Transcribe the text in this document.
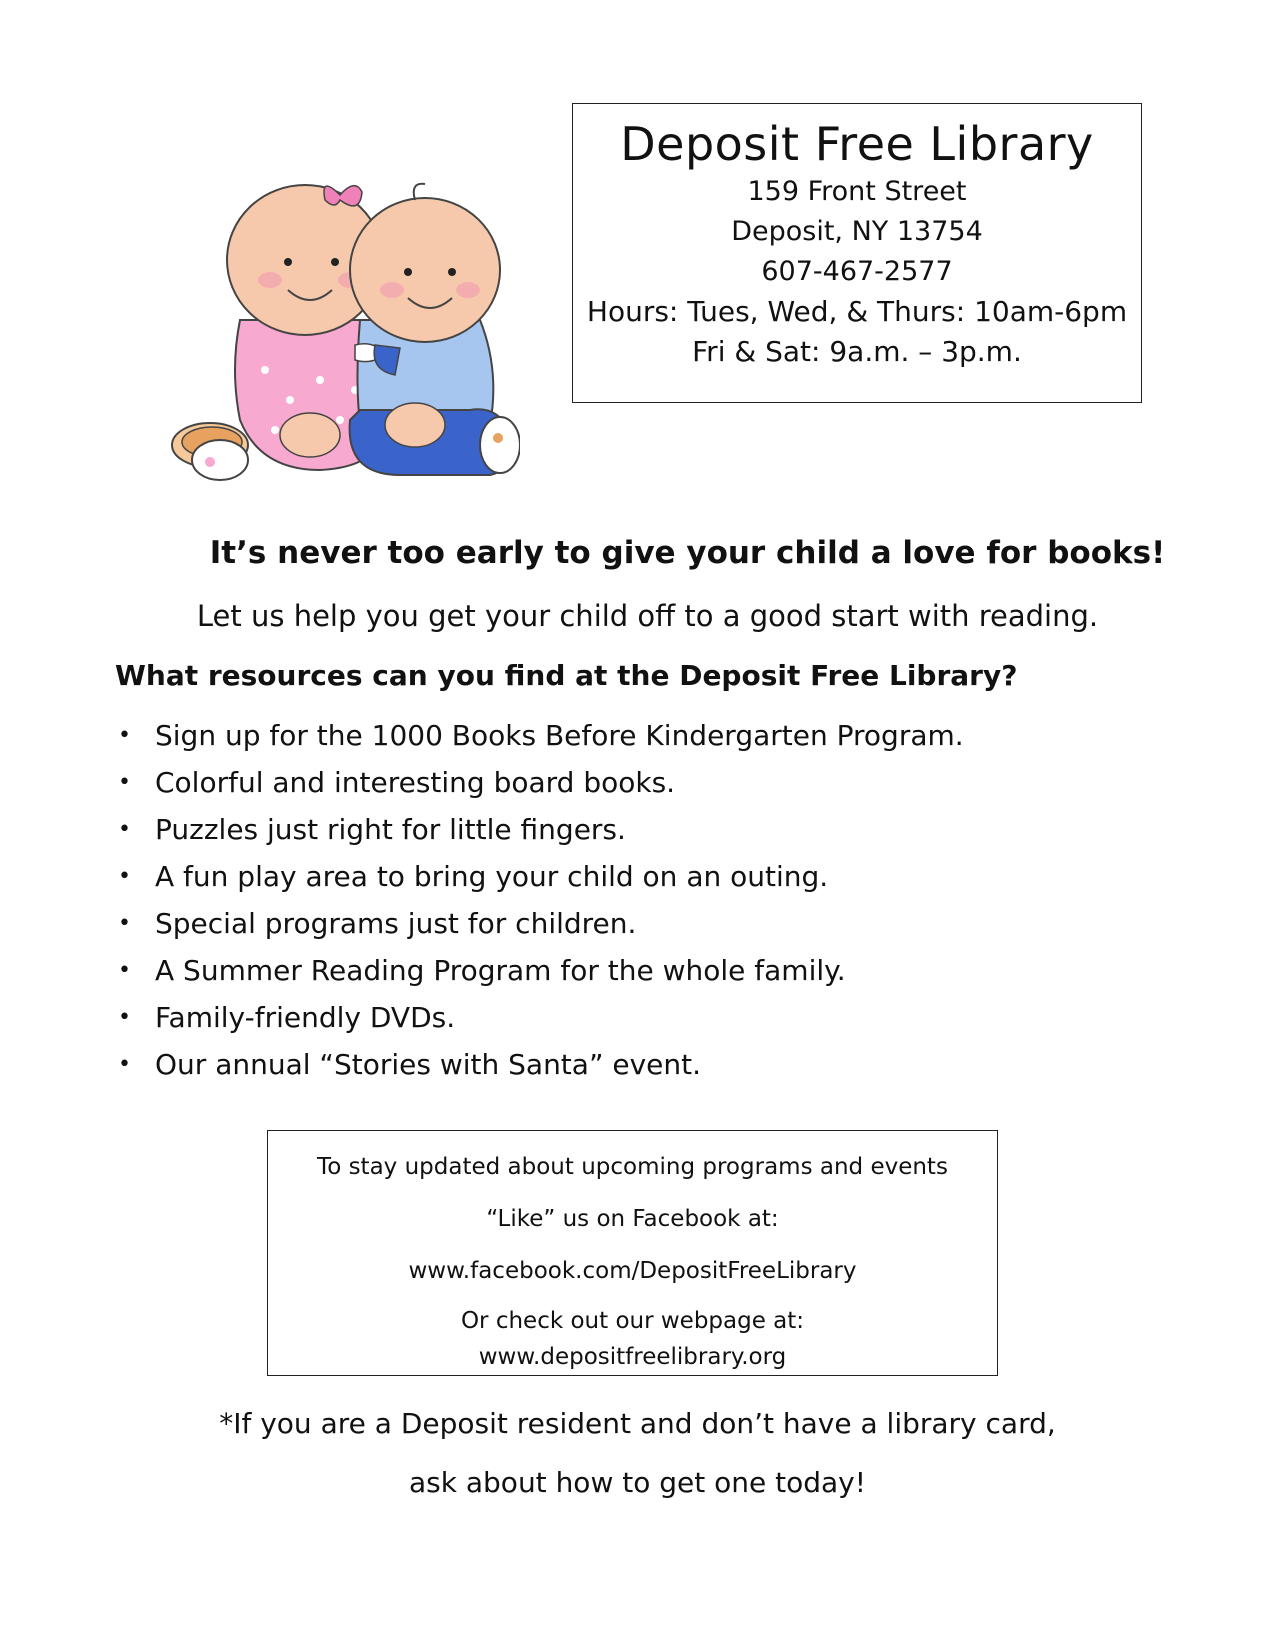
Deposit Free Library
159 Front Street
Deposit, NY 13754
607-467-2577
Hours: Tues, Wed, & Thurs: 10am-6pm
Fri & Sat: 9a.m. – 3p.m.
It’s never too early to give your child a love for books!
Let us help you get your child off to a good start with reading.
What resources can you find at the Deposit Free Library?
• Sign up for the 1000 Books Before Kindergarten Program.
• Colorful and interesting board books.
• Puzzles just right for little fingers.
• A fun play area to bring your child on an outing.
• Special programs just for children.
• A Summer Reading Program for the whole family.
• Family-friendly DVDs.
• Our annual “Stories with Santa” event.
To stay updated about upcoming programs and events
“Like” us on Facebook at:
www.facebook.com/DepositFreeLibrary
Or check out our webpage at:
www.depositfreelibrary.org
*If you are a Deposit resident and don’t have a library card,
ask about how to get one today!
